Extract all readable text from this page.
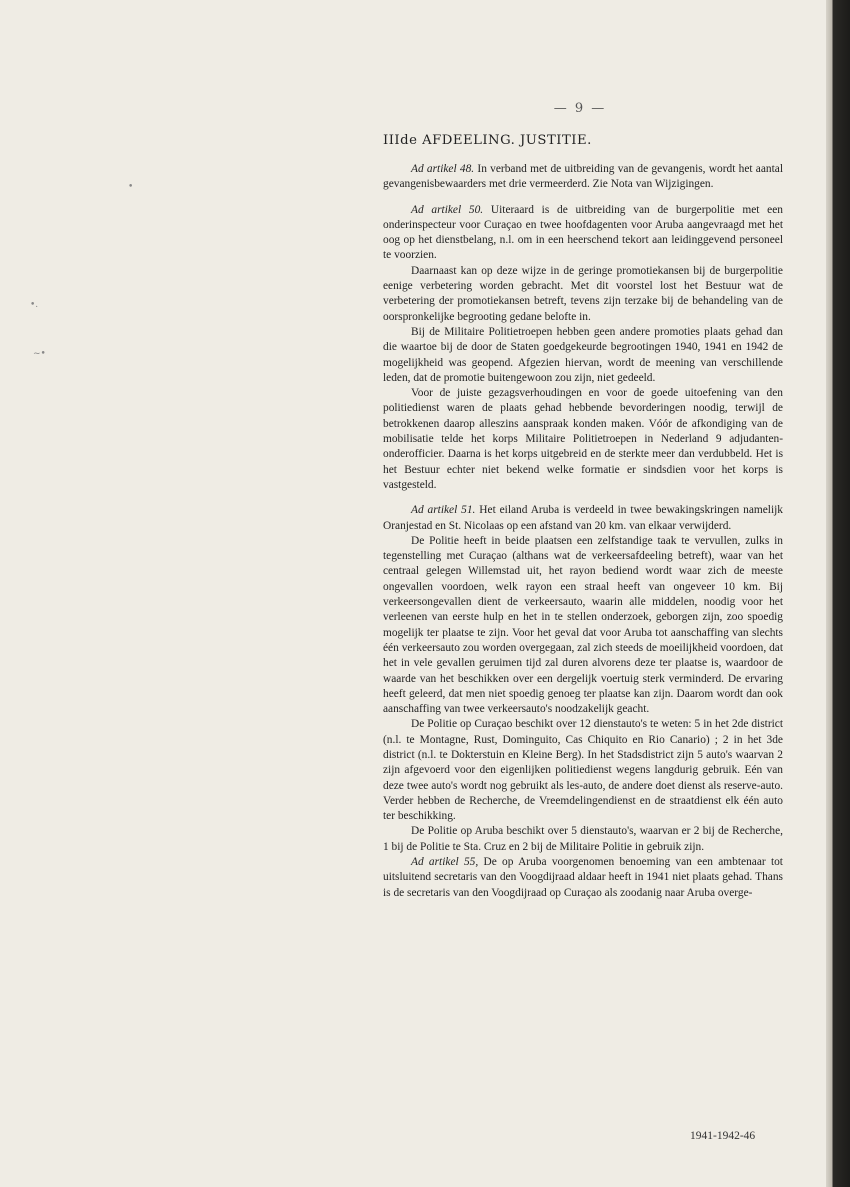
— 9 —
•
•.
~•
IIIde AFDEELING. JUSTITIE.

Ad artikel 48. In verband met de uitbreiding van de gevangenis, wordt het aantal gevangenisbewaarders met drie vermeerderd. Zie Nota van Wijzigingen.

Ad artikel 50. Uiteraard is de uitbreiding van de burgerpolitie met een onderinspecteur voor Curaçao en twee hoofdagenten voor Aruba aangevraagd met het oog op het dienstbelang, n.l. om in een heerschend tekort aan leidinggevend personeel te voorzien.

Daarnaast kan op deze wijze in de geringe promotiekansen bij de burgerpolitie eenige verbetering worden gebracht. Met dit voorstel lost het Bestuur wat de verbetering der promotiekansen betreft, tevens zijn terzake bij de behandeling van de oorspronkelijke begrooting gedane belofte in.

Bij de Militaire Politietroepen hebben geen andere promoties plaats gehad dan die waartoe bij de door de Staten goedgekeurde begrootingen 1940, 1941 en 1942 de mogelijkheid was geopend. Afgezien hiervan, wordt de meening van verschillende leden, dat de promotie buitengewoon zou zijn, niet gedeeld.

Voor de juiste gezagsverhoudingen en voor de goede uitoefening van den politiedienst waren de plaats gehad hebbende bevorderingen noodig, terwijl de betrokkenen daarop alleszins aanspraak konden maken. Vóór de afkondiging van de mobilisatie telde het korps Militaire Politietroepen in Nederland 9 adjudanten-onderofficier. Daarna is het korps uitgebreid en de sterkte meer dan verdubbeld. Het is het Bestuur echter niet bekend welke formatie er sindsdien voor het korps is vastgesteld.

Ad artikel 51. Het eiland Aruba is verdeeld in twee bewakingskringen namelijk Oranjestad en St. Nicolaas op een afstand van 20 km. van elkaar verwijderd.

De Politie heeft in beide plaatsen een zelfstandige taak te vervullen, zulks in tegenstelling met Curaçao (althans wat de verkeersafdeeling betreft), waar van het centraal gelegen Willemstad uit, het rayon bediend wordt waar zich de meeste ongevallen voordoen, welk rayon een straal heeft van ongeveer 10 km. Bij verkeersongevallen dient de verkeersauto, waarin alle middelen, noodig voor het verleenen van eerste hulp en het in te stellen onderzoek, geborgen zijn, zoo spoedig mogelijk ter plaatse te zijn. Voor het geval dat voor Aruba tot aanschaffing van slechts één verkeersauto zou worden overgegaan, zal zich steeds de moeilijkheid voordoen, dat het in vele gevallen geruimen tijd zal duren alvorens deze ter plaatse is, waardoor de waarde van het beschikken over een dergelijk voertuig sterk verminderd. De ervaring heeft geleerd, dat men niet spoedig genoeg ter plaatse kan zijn. Daarom wordt dan ook aanschaffing van twee verkeersauto's noodzakelijk geacht.

De Politie op Curaçao beschikt over 12 dienstauto's te weten: 5 in het 2de district (n.l. te Montagne, Rust, Dominguito, Cas Chiquito en Rio Canario) ; 2 in het 3de district (n.l. te Dokterstuin en Kleine Berg). In het Stadsdistrict zijn 5 auto's waarvan 2 zijn afgevoerd voor den eigenlijken politiedienst wegens langdurig gebruik. Eén van deze twee auto's wordt nog gebruikt als les-auto, de andere doet dienst als reserve-auto. Verder hebben de Recherche, de Vreemdelingendienst en de straatdienst elk één auto ter beschikking.

De Politie op Aruba beschikt over 5 dienstauto's, waarvan er 2 bij de Recherche, 1 bij de Politie te Sta. Cruz en 2 bij de Militaire Politie in gebruik zijn.

Ad artikel 55, De op Aruba voorgenomen benoeming van een ambtenaar tot uitsluitend secretaris van den Voogdijraad aldaar heeft in 1941 niet plaats gehad. Thans is de secretaris van den Voogdijraad op Curaçao als zoodanig naar Aruba overge-

1941-1942-46
